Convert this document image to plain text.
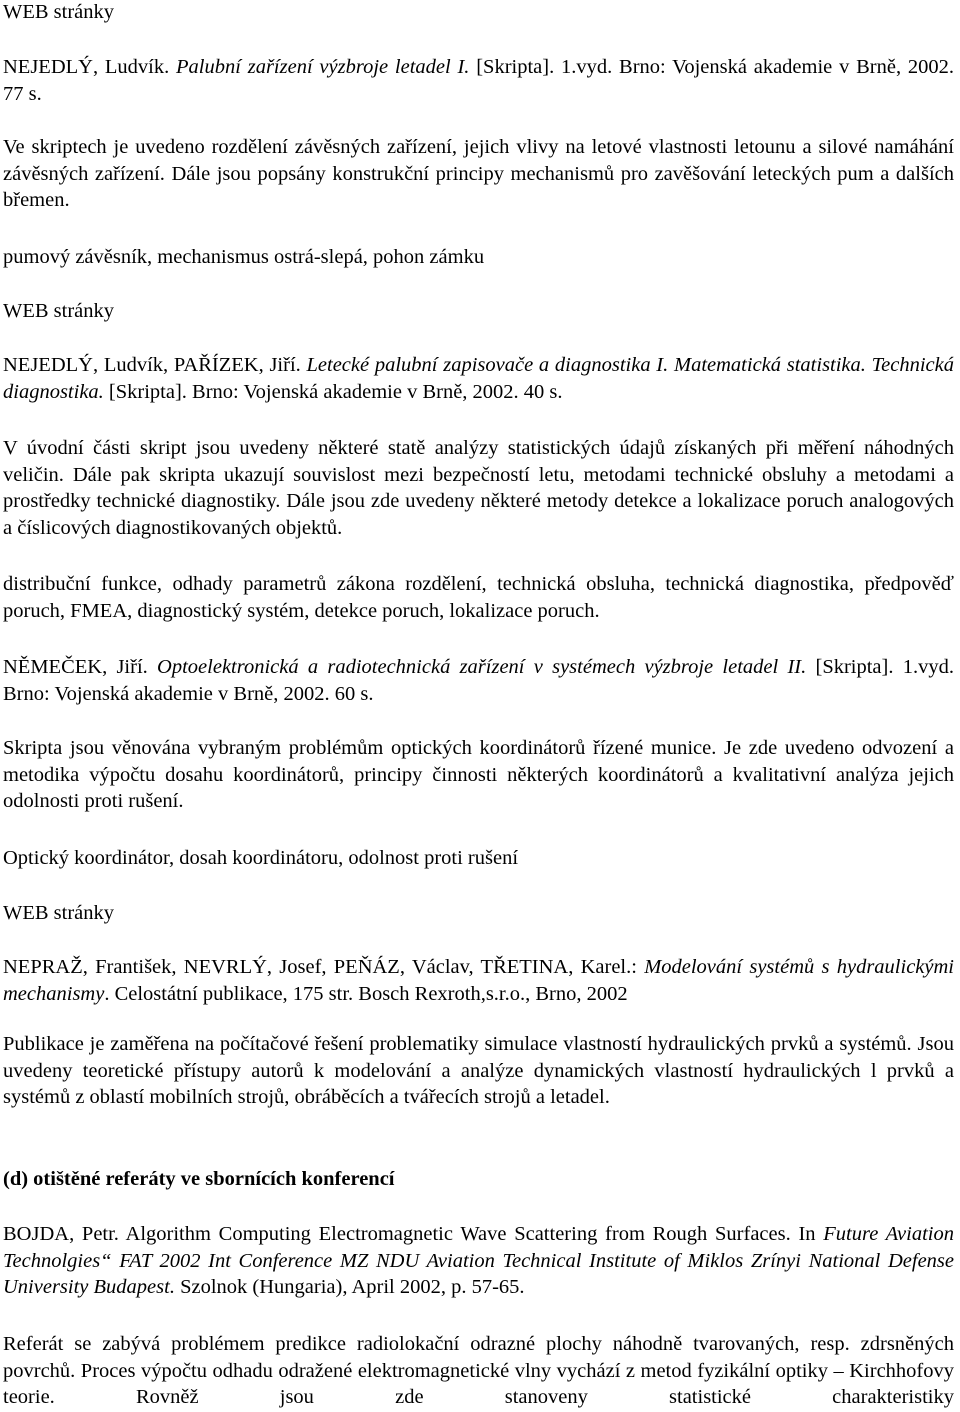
WEB stránky

NEJEDLÝ, Ludvík. Palubní zařízení výzbroje letadel I. [Skripta]. 1.vyd. Brno: Vojenská akademie v Brně, 2002. 77 s.

Ve skriptech je uvedeno rozdělení závěsných zařízení, jejich vlivy na letové vlastnosti letounu a silové namáhání závěsných zařízení. Dále jsou popsány konstrukční principy mechanismů pro zavěšování leteckých pum a dalších břemen.

pumový závěsník, mechanismus ostrá-slepá, pohon zámku

WEB stránky

NEJEDLÝ, Ludvík, PAŘÍZEK, Jiří. Letecké palubní zapisovače a diagnostika I. Matematická statistika. Technická diagnostika. [Skripta]. Brno: Vojenská akademie v Brně, 2002. 40 s.

V úvodní části skript jsou uvedeny některé statě analýzy statistických údajů získaných při měření náhodných veličin. Dále pak skripta ukazují souvislost mezi bezpečností letu, metodami technické obsluhy a metodami a prostředky technické diagnostiky. Dále jsou zde uvedeny některé metody detekce a lokalizace poruch analogových a číslicových diagnostikovaných objektů.

distribuční funkce, odhady parametrů zákona rozdělení, technická obsluha, technická diagnostika, předpověď poruch, FMEA, diagnostický systém, detekce poruch, lokalizace poruch.

NĚMEČEK, Jiří. Optoelektronická a radiotechnická zařízení v systémech výzbroje letadel II. [Skripta]. 1.vyd. Brno: Vojenská akademie v Brně, 2002. 60 s.

Skripta jsou věnována vybraným problémům optických koordinátorů řízené munice. Je zde uvedeno odvození a metodika výpočtu dosahu koordinátorů, principy činnosti některých koordinátorů a kvalitativní analýza jejich odolnosti proti rušení.

Optický koordinátor, dosah koordinátoru, odolnost proti rušení

WEB stránky

NEPRAŽ, František, NEVRLÝ, Josef, PEŇÁZ, Václav, TŘETINA, Karel.: Modelování systémů s hydraulickými mechanismy. Celostátní publikace, 175 str. Bosch Rexroth,s.r.o., Brno, 2002

Publikace je zaměřena na počítačové řešení problematiky simulace vlastností hydraulických prvků a systémů. Jsou uvedeny teoretické přístupy autorů k modelování a analýze dynamických vlastností hydraulických l prvků a systémů z oblastí mobilních strojů, obráběcích a tvářecích strojů a letadel.

(d) otištěné referáty ve sbornících konferencí

BOJDA, Petr. Algorithm Computing Electromagnetic Wave Scattering from Rough Surfaces. In Future Aviation Technolgies“ FAT 2002 Int Conference MZ NDU Aviation Technical Institute of Miklos Zrínyi National Defense University Budapest. Szolnok (Hungaria), April 2002, p. 57-65.

Referát se zabývá problémem predikce radiolokační odrazné plochy náhodně tvarovaných, resp. zdrsněných povrchů. Proces výpočtu odhadu odražené elektromagnetické vlny vychází z metod fyzikální optiky – Kirchhofovy teorie. Rovněž jsou zde stanoveny statistické charakteristiky
